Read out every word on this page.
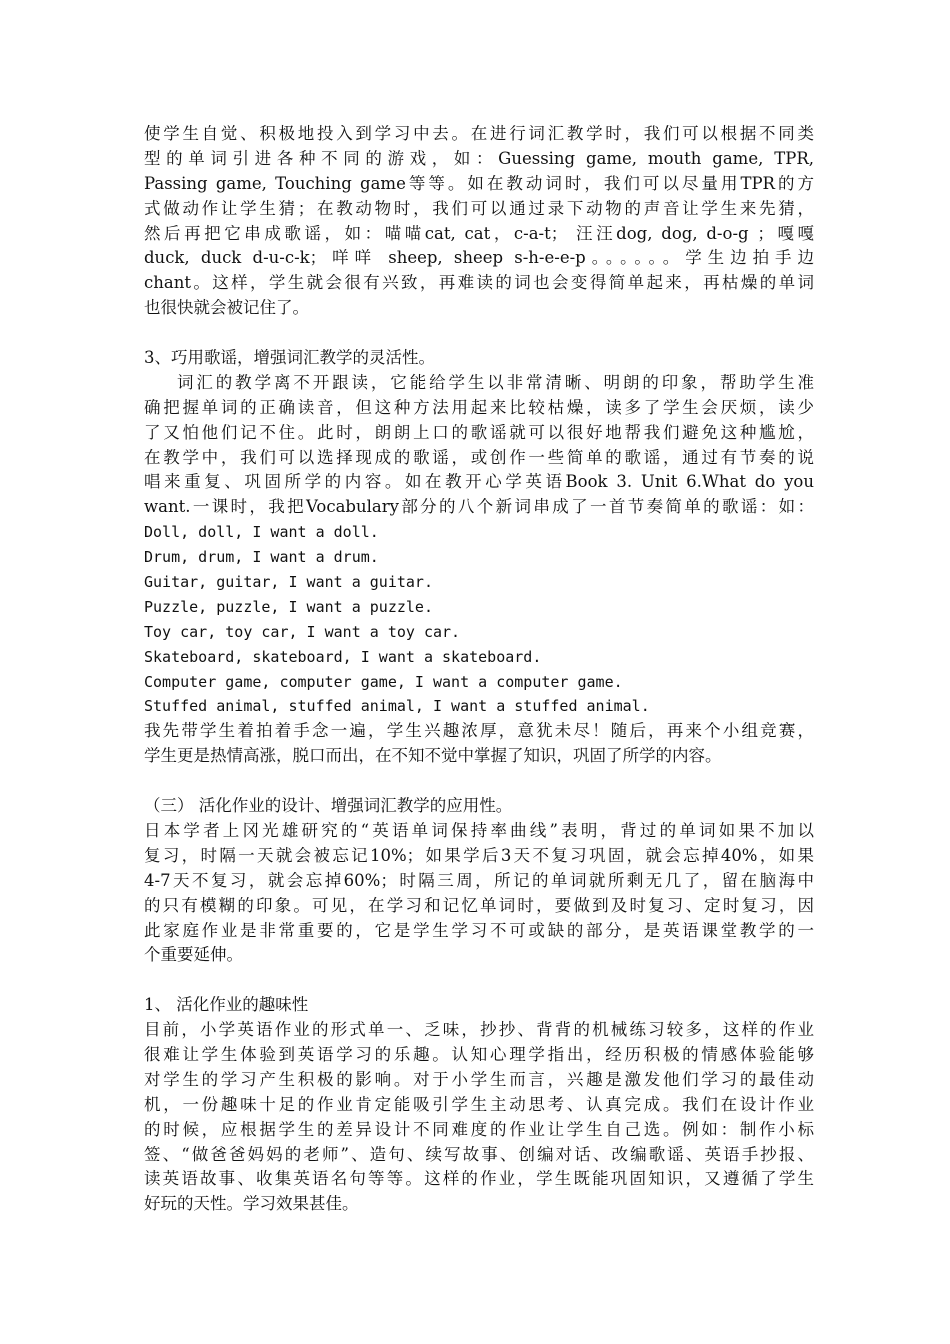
使学生自觉、积极地投入到学习中去。在进行词汇教学时，我们可以根据不同类
型的单词引进各种不同的游戏，如：Guessing game, mouth game, TPR,
Passing game, Touching game等等。如在教动词时，我们可以尽量用TPR的方
式做动作让学生猜；在教动物时，我们可以通过录下动物的声音让学生来先猜，
然后再把它串成歌谣，如：喵喵cat, cat，c-a-t； 汪汪dog, dog, d-o-g ；嘎嘎
duck, duck d-u-c-k；咩咩 sheep, sheep s-h-e-e-p。。。。。。学生边拍手边
chant。这样，学生就会很有兴致，再难读的词也会变得简单起来，再枯燥的单词
也很快就会被记住了。
3、巧用歌谣，增强词汇教学的灵活性。
词汇的教学离不开跟读，它能给学生以非常清晰、明朗的印象，帮助学生准
确把握单词的正确读音，但这种方法用起来比较枯燥，读多了学生会厌烦，读少
了又怕他们记不住。此时，朗朗上口的歌谣就可以很好地帮我们避免这种尴尬，
在教学中，我们可以选择现成的歌谣，或创作一些简单的歌谣，通过有节奏的说
唱来重复、巩固所学的内容。如在教开心学英语Book 3. Unit 6.What do you
want.一课时，我把Vocabulary部分的八个新词串成了一首节奏简单的歌谣：如：
Doll, doll, I want a doll.
Drum, drum, I want a drum.
Guitar, guitar, I want a guitar.
Puzzle, puzzle, I want a puzzle.
Toy car, toy car, I want a toy car.
Skateboard, skateboard, I want a skateboard.
Computer game, computer game, I want a computer game.
Stuffed animal, stuffed animal, I want a stuffed animal.
我先带学生着拍着手念一遍，学生兴趣浓厚，意犹未尽！随后，再来个小组竞赛，
学生更是热情高涨，脱口而出，在不知不觉中掌握了知识，巩固了所学的内容。
（三） 活化作业的设计、增强词汇教学的应用性。
日本学者上冈光雄研究的“英语单词保持率曲线”表明，背过的单词如果不加以
复习，时隔一天就会被忘记10%；如果学后3天不复习巩固，就会忘掉40%，如果
4-7天不复习，就会忘掉60%；时隔三周，所记的单词就所剩无几了，留在脑海中
的只有模糊的印象。可见，在学习和记忆单词时，要做到及时复习、定时复习，因
此家庭作业是非常重要的，它是学生学习不可或缺的部分，是英语课堂教学的一
个重要延伸。
1、 活化作业的趣味性
目前，小学英语作业的形式单一、乏味，抄抄、背背的机械练习较多，这样的作业
很难让学生体验到英语学习的乐趣。认知心理学指出，经历积极的情感体验能够
对学生的学习产生积极的影响。对于小学生而言，兴趣是激发他们学习的最佳动
机，一份趣味十足的作业肯定能吸引学生主动思考、认真完成。我们在设计作业
的时候，应根据学生的差异设计不同难度的作业让学生自己选。例如：制作小标
签、“做爸爸妈妈的老师”、造句、续写故事、创编对话、改编歌谣、英语手抄报、
读英语故事、收集英语名句等等。这样的作业，学生既能巩固知识，又遵循了学生
好玩的天性。学习效果甚佳。
